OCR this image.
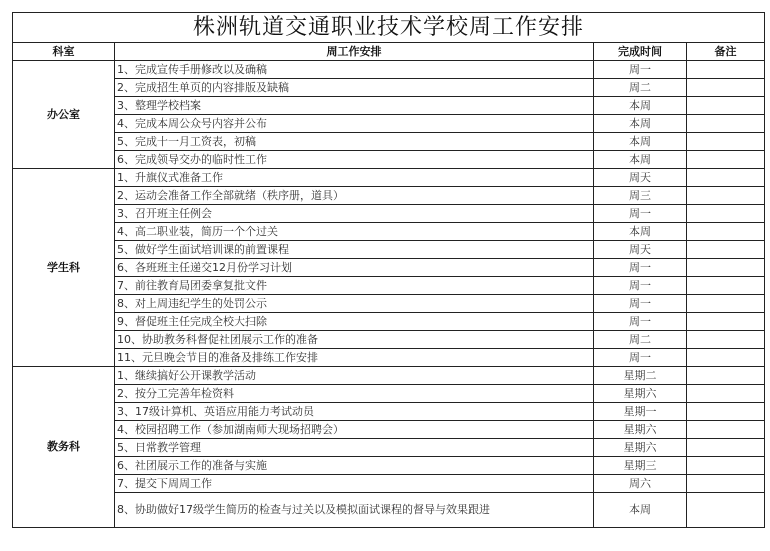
株洲轨道交通职业技术学校周工作安排			
科室	周工作安排	完成时间	备注
办公室	1、完成宣传手册修改以及确稿	周一	
	2、完成招生单页的内容排版及缺稿	周二	
	3、整理学校档案	本周	
	4、完成本周公众号内容并公布	本周	
	5、完成十一月工资表，初稿	本周	
	6、完成领导交办的临时性工作	本周	
学生科	1、升旗仪式准备工作	周天	
	2、运动会准备工作全部就绪（秩序册，道具）	周三	
	3、召开班主任例会	周一	
	4、高二职业装，简历一个个过关	本周	
	5、做好学生面试培训课的前置课程	周天	
	6、各班班主任递交12月份学习计划	周一	
	7、前往教育局团委拿复批文件	周一	
	8、对上周违纪学生的处罚公示	周一	
	9、督促班主任完成全校大扫除	周一	
	10、协助教务科督促社团展示工作的准备	周二	
	11、元旦晚会节目的准备及排练工作安排	周一	
教务科	1、继续搞好公开课教学活动	星期二	
	2、按分工完善年检资料	星期六	
	3、17级计算机、英语应用能力考试动员	星期一	
	4、校园招聘工作（参加湖南师大现场招聘会）	星期六	
	5、日常教学管理	星期六	
	6、社团展示工作的准备与实施	星期三	
	7、提交下周周工作	周六	
	8、协助做好17级学生简历的检查与过关以及模拟面试课程的督导与效果跟进	本周	
